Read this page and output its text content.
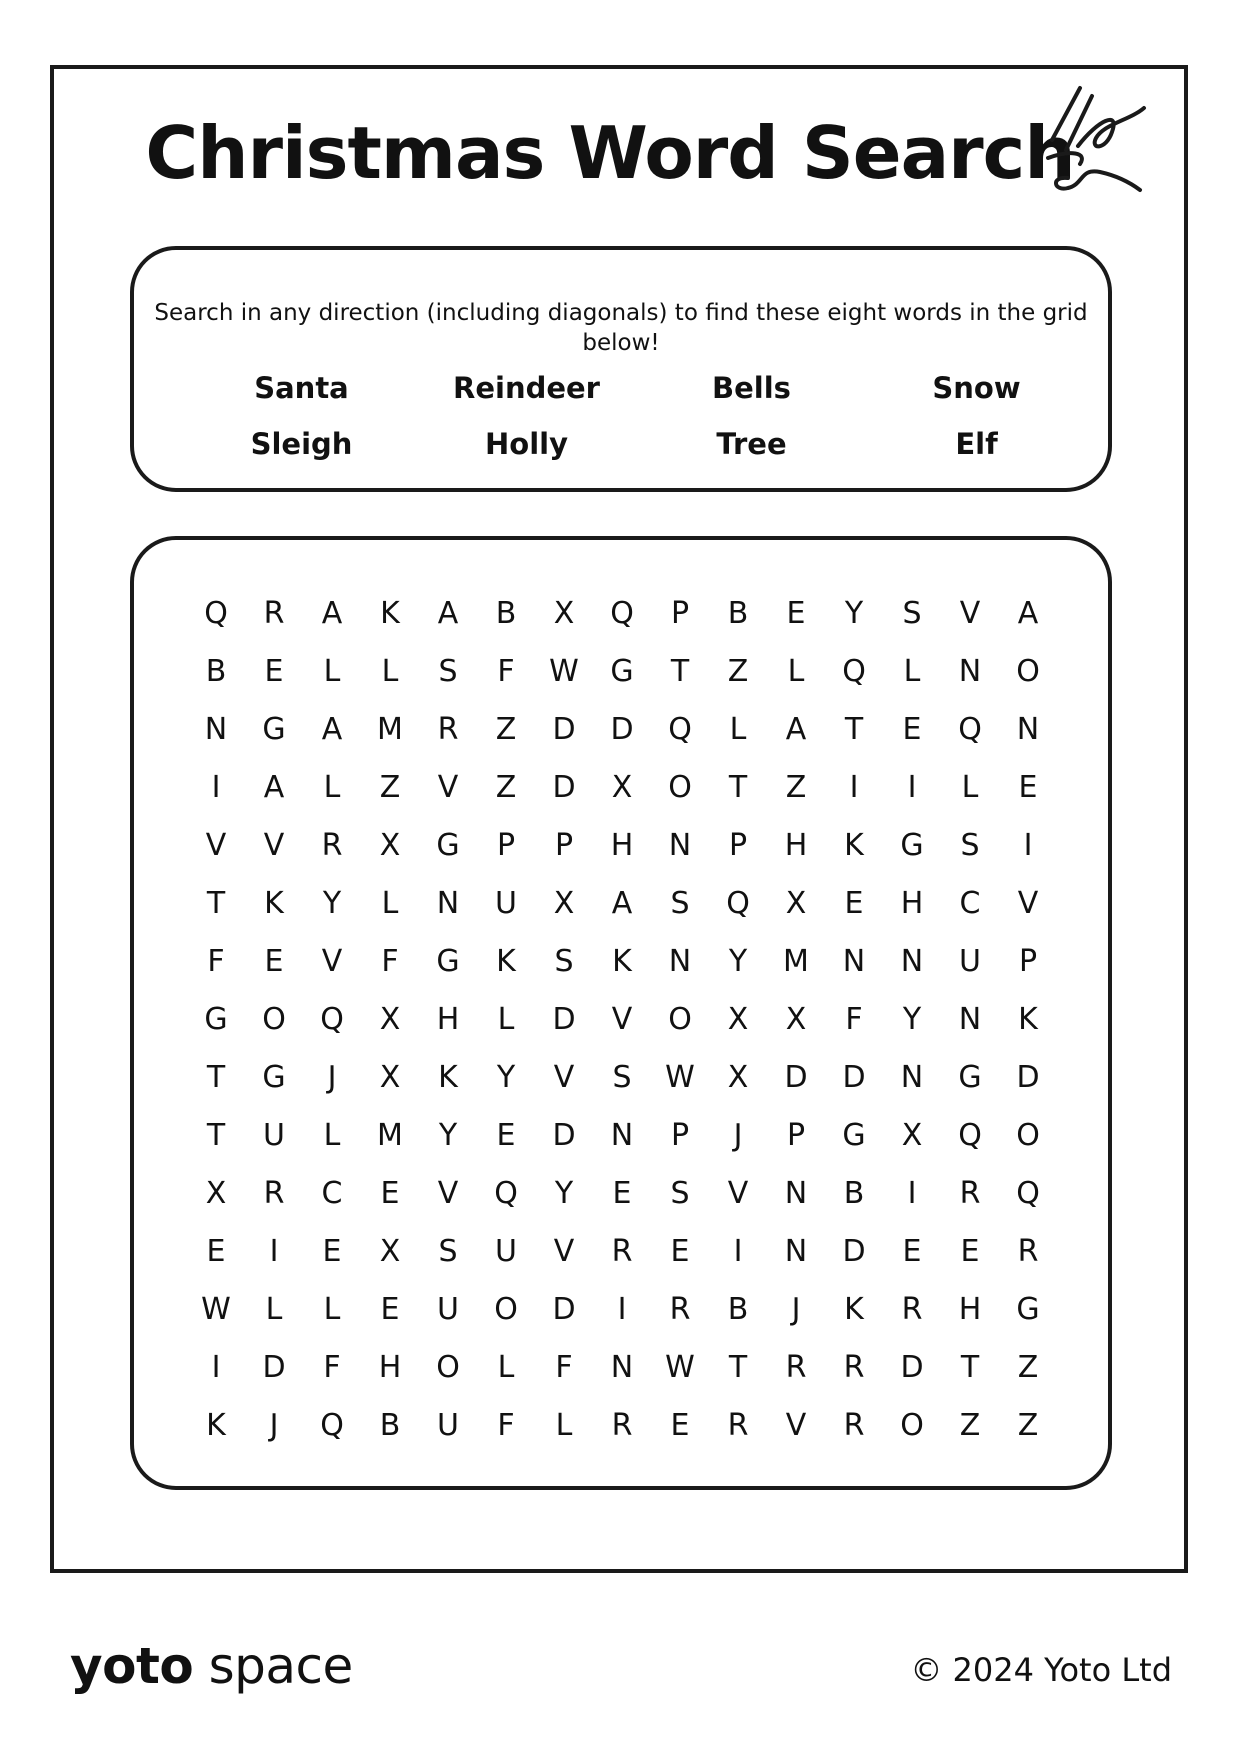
Christmas Word Search

Search in any direction (including diagonals) to find these eight words in the grid below!

Santa	Reindeer	Bells	Snow
Sleigh	Holly	Tree	Elf
Q	R	A	K	A	B	X	Q	P	B	E	Y	S	V	A
B	E	L	L	S	F	W	G	T	Z	L	Q	L	N	O
N	G	A	M	R	Z	D	D	Q	L	A	T	E	Q	N
I	A	L	Z	V	Z	D	X	O	T	Z	I	I	L	E
V	V	R	X	G	P	P	H	N	P	H	K	G	S	I
T	K	Y	L	N	U	X	A	S	Q	X	E	H	C	V
F	E	V	F	G	K	S	K	N	Y	M	N	N	U	P
G	O	Q	X	H	L	D	V	O	X	X	F	Y	N	K
T	G	J	X	K	Y	V	S	W	X	D	D	N	G	D
T	U	L	M	Y	E	D	N	P	J	P	G	X	Q	O
X	R	C	E	V	Q	Y	E	S	V	N	B	I	R	Q
E	I	E	X	S	U	V	R	E	I	N	D	E	E	R
W	L	L	E	U	O	D	I	R	B	J	K	R	H	G
I	D	F	H	O	L	F	N	W	T	R	R	D	T	Z
K	J	Q	B	U	F	L	R	E	R	V	R	O	Z	Z
yoto space	© 2024 Yoto Ltd
